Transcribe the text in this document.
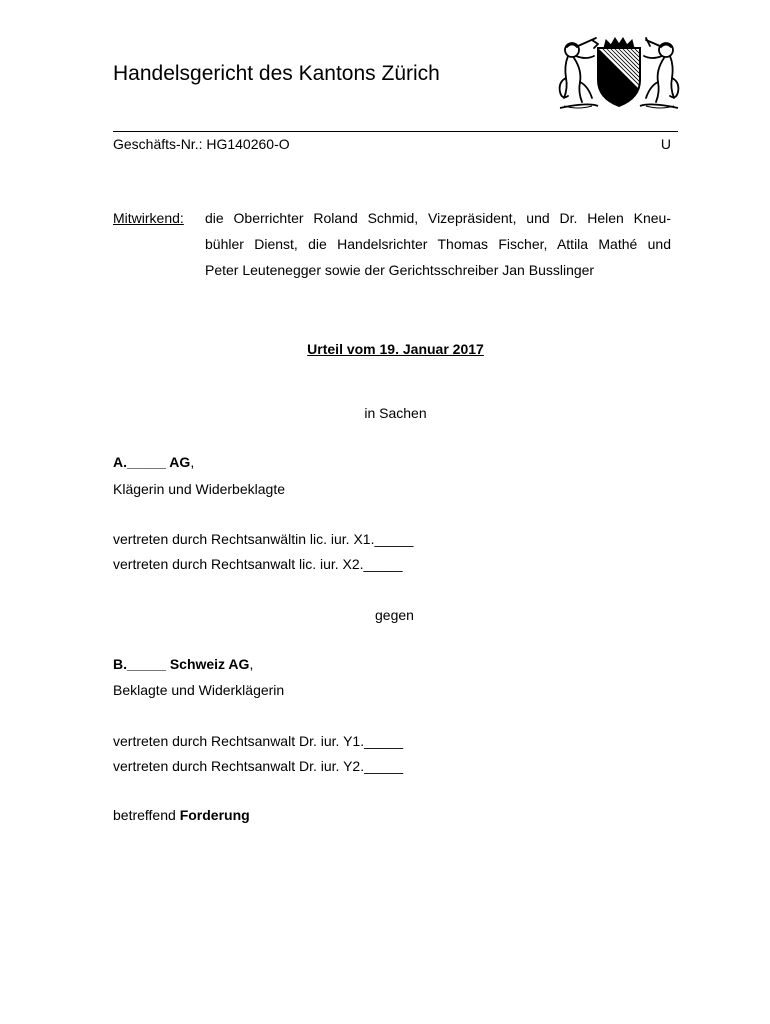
Handelsgericht des Kantons Zürich
Geschäfts-Nr.: HG140260-O	U
Mitwirkend: die Oberrichter Roland Schmid, Vizepräsident, und Dr. Helen Kneu-
bühler Dienst, die Handelsrichter Thomas Fischer, Attila Mathé und
Peter Leutenegger sowie der Gerichtsschreiber Jan Busslinger
Urteil vom 19. Januar 2017
in Sachen
A._____ AG,
Klägerin und Widerbeklagte
vertreten durch Rechtsanwältin lic. iur. X1._____
vertreten durch Rechtsanwalt lic. iur. X2._____
gegen
B._____ Schweiz AG,
Beklagte und Widerklägerin
vertreten durch Rechtsanwalt Dr. iur. Y1._____
vertreten durch Rechtsanwalt Dr. iur. Y2._____
betreffend Forderung
